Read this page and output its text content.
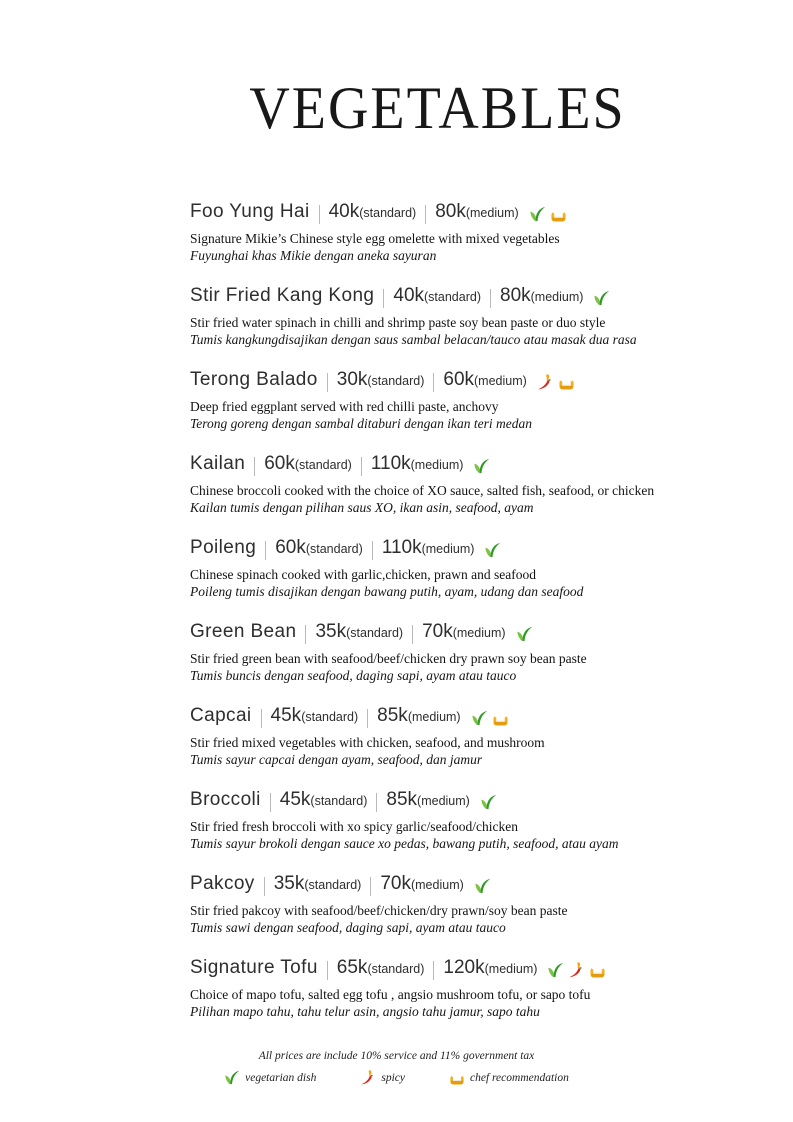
VEGETABLES
Foo Yung Hai 40k(standard) 80k(medium)
Signature Mikie’s Chinese style egg omelette with mixed vegetables
Fuyunghai khas Mikie dengan aneka sayuran
Stir Fried Kang Kong 40k(standard) 80k(medium)
Stir fried water spinach in chilli and shrimp paste soy bean paste or duo style
Tumis kangkungdisajikan dengan saus sambal belacan/tauco atau masak dua rasa
Terong Balado 30k(standard) 60k(medium)
Deep fried eggplant served with red chilli paste, anchovy
Terong goreng dengan sambal ditaburi dengan ikan teri medan
Kailan 60k(standard) 110k(medium)
Chinese broccoli cooked with the choice of XO sauce, salted fish, seafood, or chicken
Kailan tumis dengan pilihan saus XO, ikan asin, seafood, ayam
Poileng 60k(standard) 110k(medium)
Chinese spinach cooked with garlic,chicken, prawn and seafood
Poileng tumis disajikan dengan bawang putih, ayam, udang dan seafood
Green Bean 35k(standard) 70k(medium)
Stir fried green bean with seafood/beef/chicken dry prawn soy bean paste
Tumis buncis dengan seafood, daging sapi, ayam atau tauco
Capcai 45k(standard) 85k(medium)
Stir fried mixed vegetables with chicken, seafood, and mushroom
Tumis sayur capcai dengan ayam, seafood, dan jamur
Broccoli 45k(standard) 85k(medium)
Stir fried fresh broccoli with xo spicy garlic/seafood/chicken
Tumis sayur brokoli dengan sauce xo pedas, bawang putih, seafood, atau ayam
Pakcoy 35k(standard) 70k(medium)
Stir fried pakcoy with seafood/beef/chicken/dry prawn/soy bean paste
Tumis sawi dengan seafood, daging sapi, ayam atau tauco
Signature Tofu 65k(standard) 120k(medium)
Choice of mapo tofu, salted egg tofu , angsio mushroom tofu, or sapo tofu
Pilihan mapo tahu, tahu telur asin, angsio tahu jamur, sapo tahu
All prices are include 10% service and 11% government tax
vegetarian dish	spicy	chef recommendation
